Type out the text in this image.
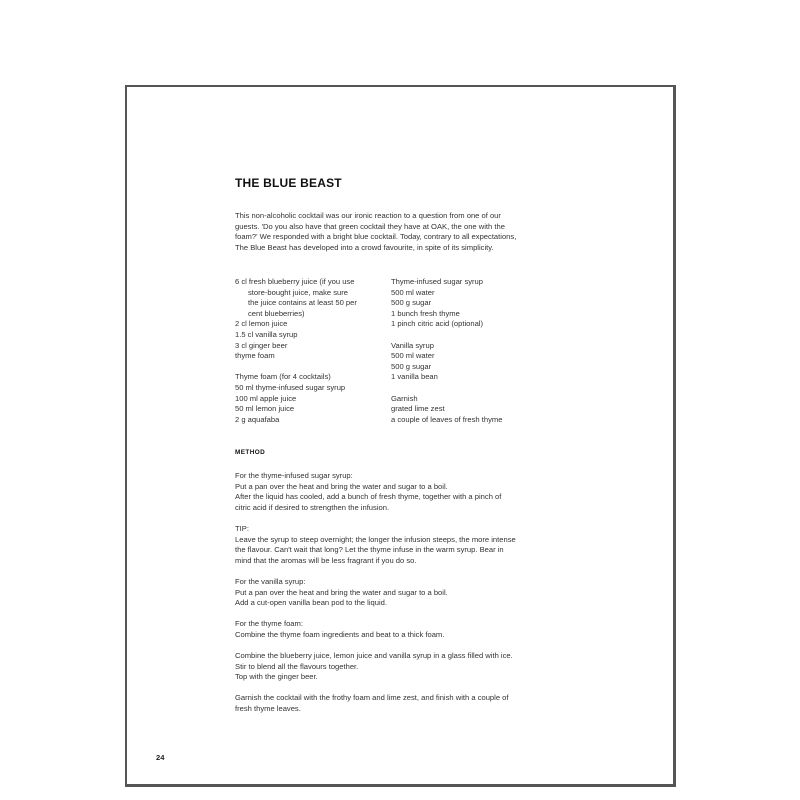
THE BLUE BEAST
This non-alcoholic cocktail was our ironic reaction to a question from one of our
guests. 'Do you also have that green cocktail they have at OAK, the one with the
foam?' We responded with a bright blue cocktail. Today, contrary to all expectations,
The Blue Beast has developed into a crowd favourite, in spite of its simplicity.
6 cl fresh blueberry juice (if you use
store-bought juice, make sure
the juice contains at least 50 per
cent blueberries)
2 cl lemon juice
1.5 cl vanilla syrup
3 cl ginger beer
thyme foam
Thyme foam (for 4 cocktails)
50 ml thyme-infused sugar syrup
100 ml apple juice
50 ml lemon juice
2 g aquafaba
Thyme-infused sugar syrup
500 ml water
500 g sugar
1 bunch fresh thyme
1 pinch citric acid (optional)
Vanilla syrup
500 ml water
500 g sugar
1 vanilla bean
Garnish
grated lime zest
a couple of leaves of fresh thyme
METHOD
For the thyme-infused sugar syrup:
Put a pan over the heat and bring the water and sugar to a boil.
After the liquid has cooled, add a bunch of fresh thyme, together with a pinch of
citric acid if desired to strengthen the infusion.
TIP:
Leave the syrup to steep overnight; the longer the infusion steeps, the more intense
the flavour. Can't wait that long? Let the thyme infuse in the warm syrup. Bear in
mind that the aromas will be less fragrant if you do so.
For the vanilla syrup:
Put a pan over the heat and bring the water and sugar to a boil.
Add a cut-open vanilla bean pod to the liquid.
For the thyme foam:
Combine the thyme foam ingredients and beat to a thick foam.
Combine the blueberry juice, lemon juice and vanilla syrup in a glass filled with ice.
Stir to blend all the flavours together.
Top with the ginger beer.
Garnish the cocktail with the frothy foam and lime zest, and finish with a couple of
fresh thyme leaves.
24
